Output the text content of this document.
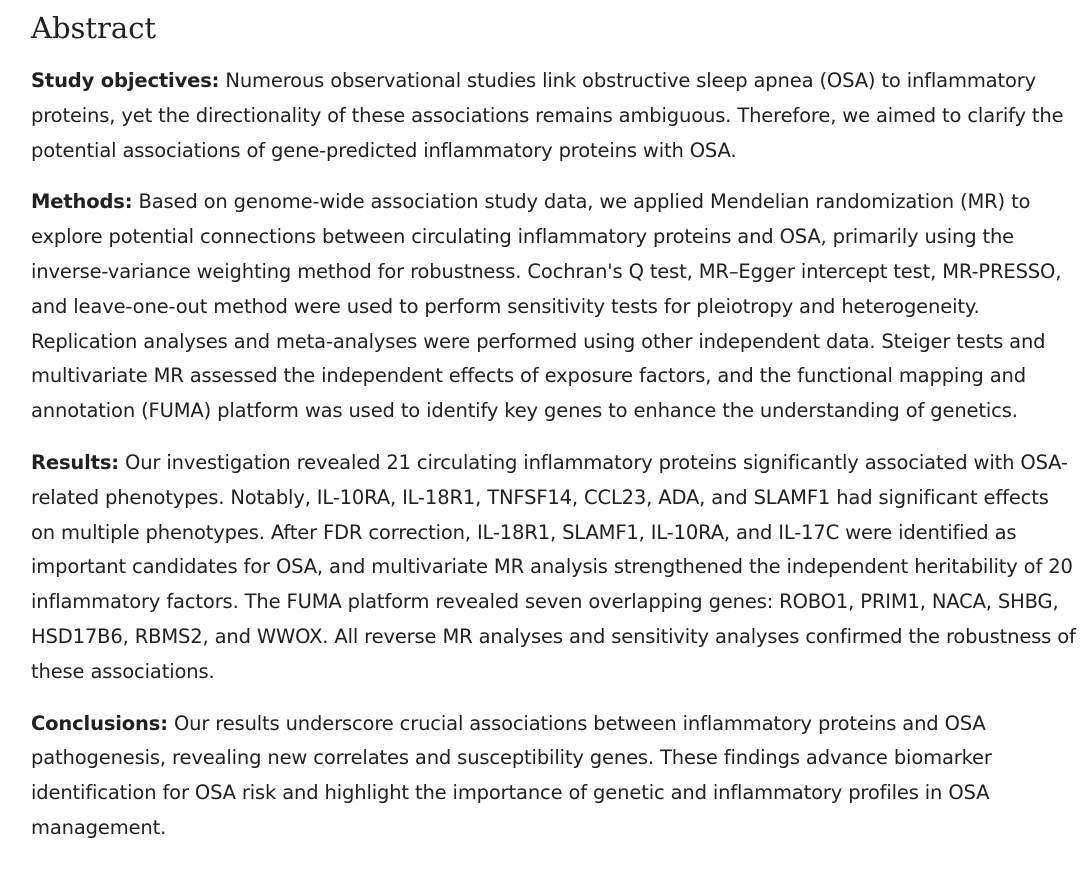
Abstract

Study objectives: Numerous observational studies link obstructive sleep apnea (OSA) to inflammatory proteins, yet the directionality of these associations remains ambiguous. Therefore, we aimed to clarify the potential associations of gene-predicted inflammatory proteins with OSA.

Methods: Based on genome-wide association study data, we applied Mendelian randomization (MR) to explore potential connections between circulating inflammatory proteins and OSA, primarily using the inverse-variance weighting method for robustness. Cochran's Q test, MR–Egger intercept test, MR-PRESSO, and leave-one-out method were used to perform sensitivity tests for pleiotropy and heterogeneity. Replication analyses and meta-analyses were performed using other independent data. Steiger tests and multivariate MR assessed the independent effects of exposure factors, and the functional mapping and annotation (FUMA) platform was used to identify key genes to enhance the understanding of genetics.

Results: Our investigation revealed 21 circulating inflammatory proteins significantly associated with OSA-related phenotypes. Notably, IL-10RA, IL-18R1, TNFSF14, CCL23, ADA, and SLAMF1 had significant effects on multiple phenotypes. After FDR correction, IL-18R1, SLAMF1, IL-10RA, and IL-17C were identified as important candidates for OSA, and multivariate MR analysis strengthened the independent heritability of 20 inflammatory factors. The FUMA platform revealed seven overlapping genes: ROBO1, PRIM1, NACA, SHBG, HSD17B6, RBMS2, and WWOX. All reverse MR analyses and sensitivity analyses confirmed the robustness of these associations.

Conclusions: Our results underscore crucial associations between inflammatory proteins and OSA pathogenesis, revealing new correlates and susceptibility genes. These findings advance biomarker identification for OSA risk and highlight the importance of genetic and inflammatory profiles in OSA management.
